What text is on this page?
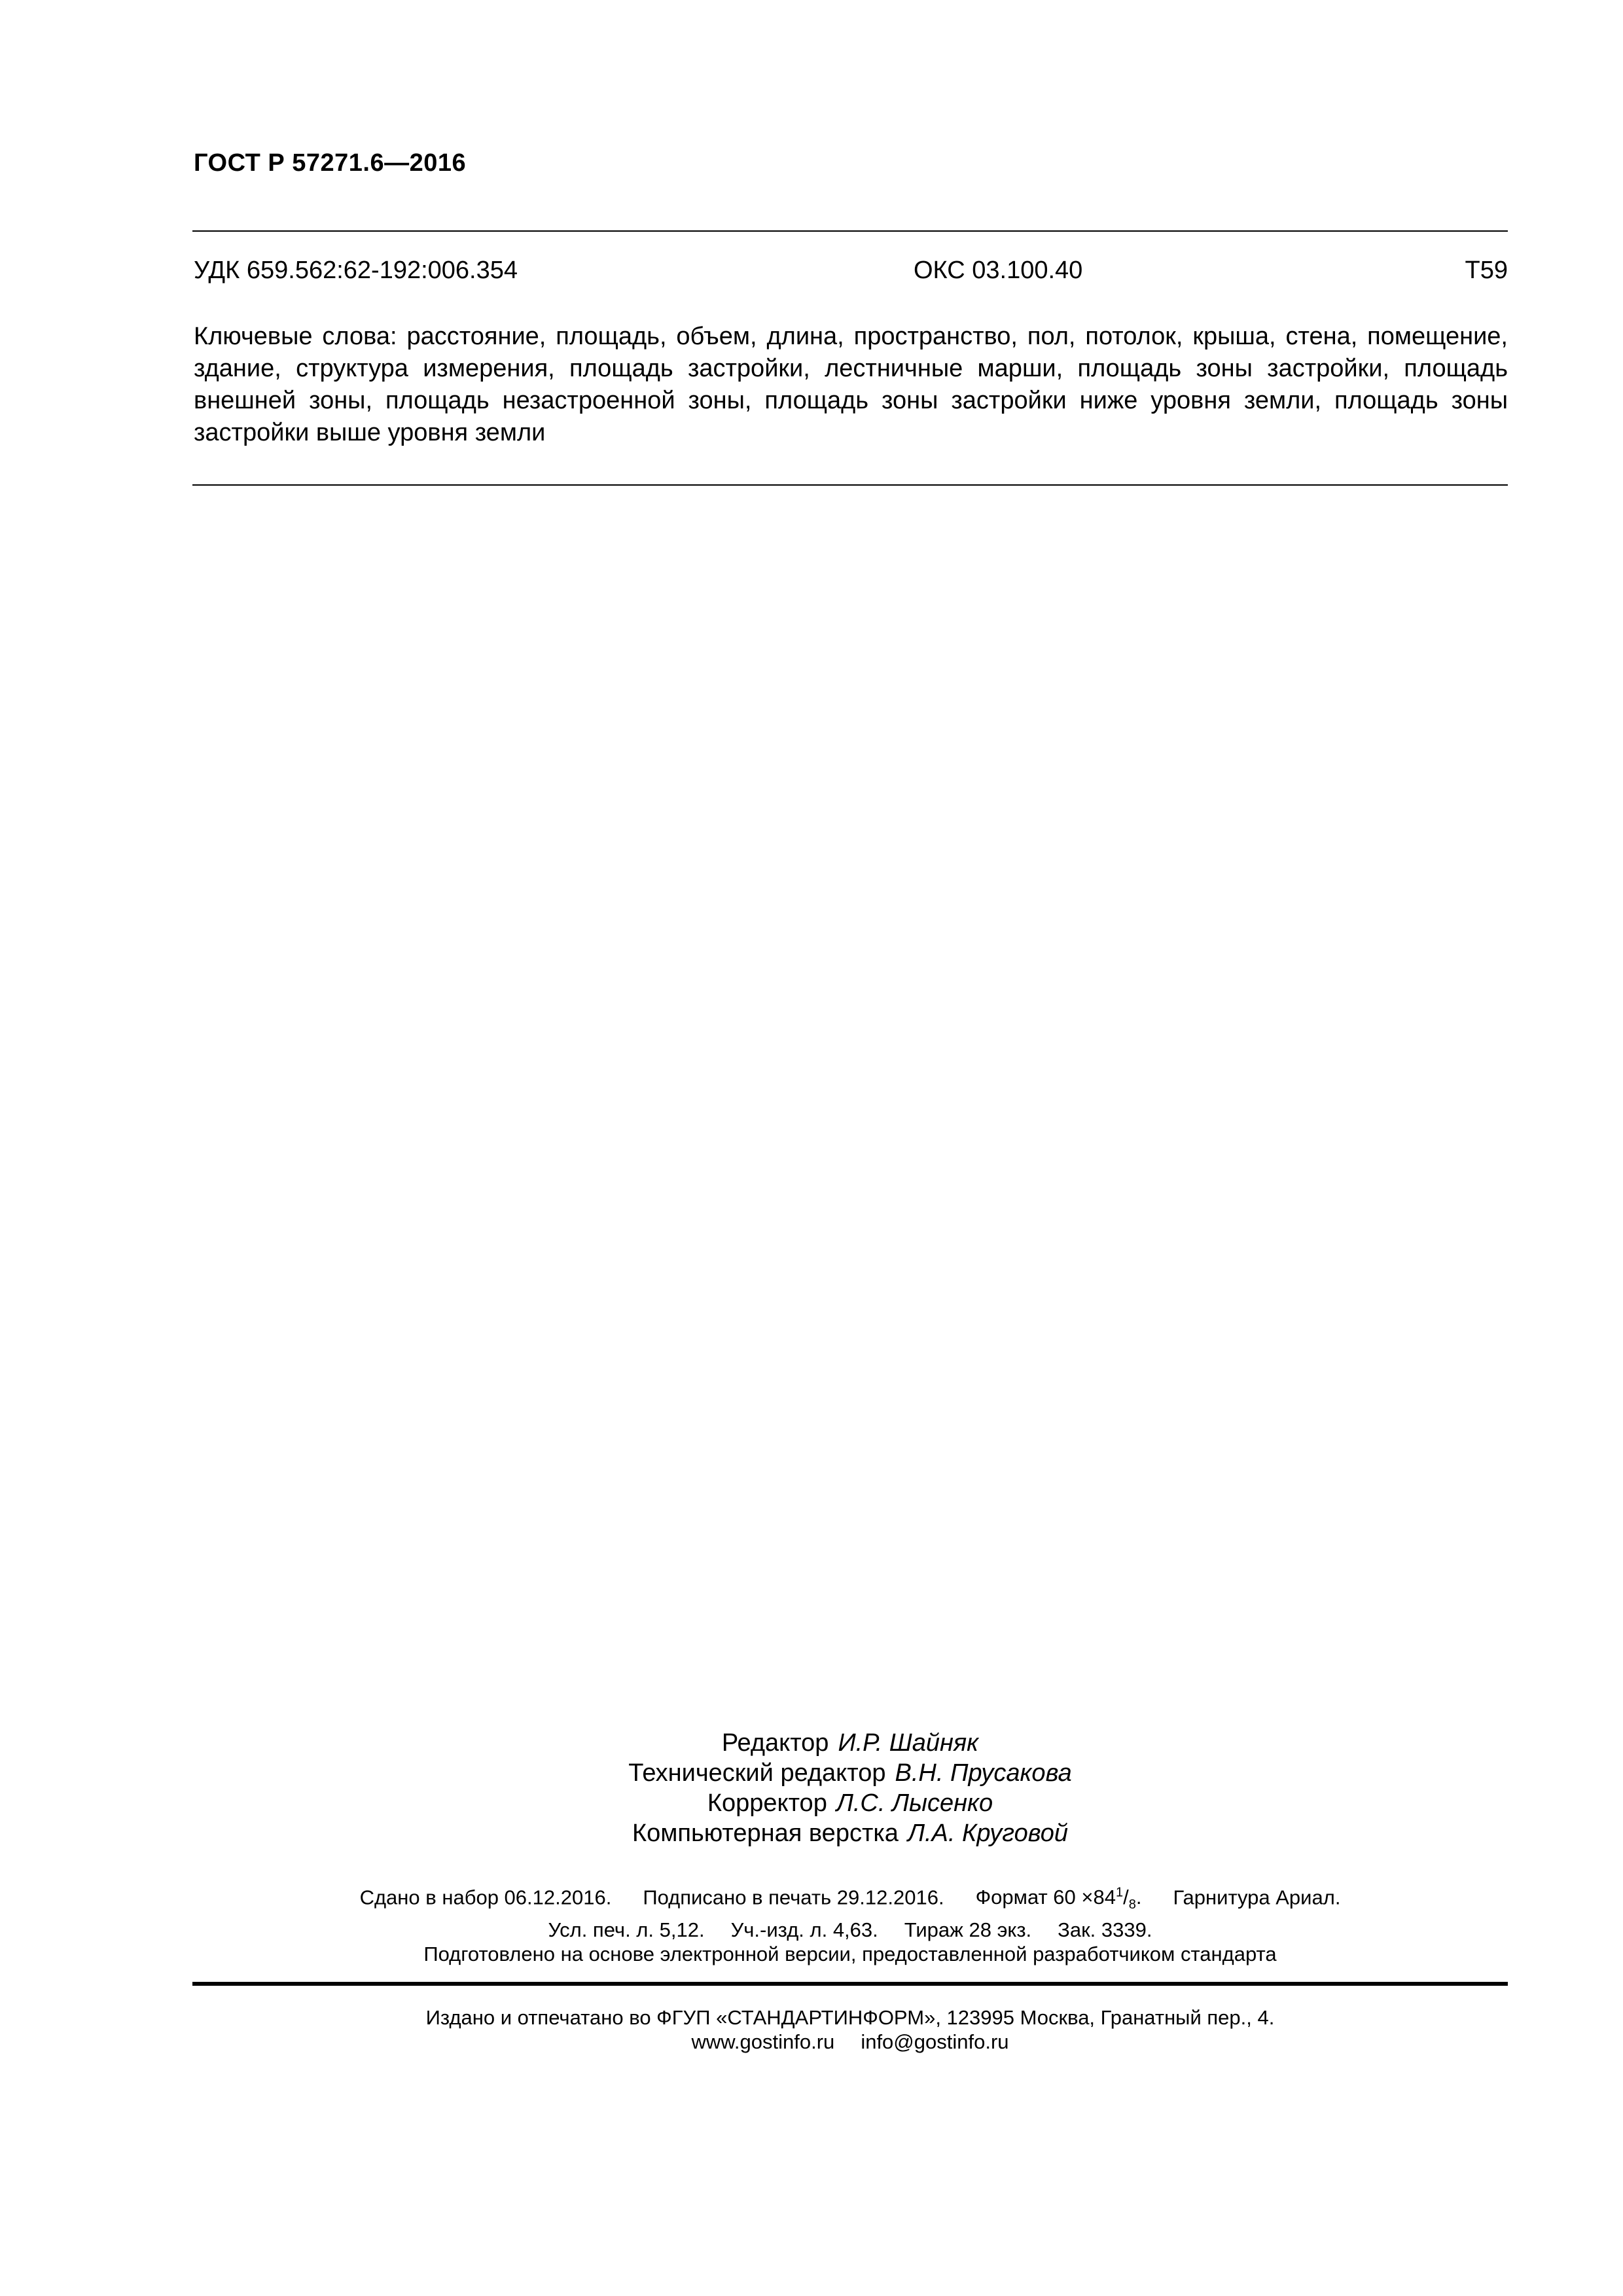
ГОСТ Р 57271.6—2016
УДК 659.562:62-192:006.354	ОКС 03.100.40	Т59
Ключевые слова: расстояние, площадь, объем, длина, пространство, пол, потолок, крыша, стена, помещение, здание, структура измерения, площадь застройки, лестничные марши, площадь зоны застройки, площадь внешней зоны, площадь незастроенной зоны, площадь зоны застройки ниже уровня земли, площадь зоны застройки выше уровня земли
Редактор И.Р. Шайняк
Технический редактор В.Н. Прусакова
Корректор Л.С. Лысенко
Компьютерная верстка Л.А. Круговой
Сдано в набор 06.12.2016. Подписано в печать 29.12.2016. Формат $60 \times 84^1/_8$. Гарнитура Ариал.
Усл. печ. л. 5,12. Уч.-изд. л. 4,63. Тираж 28 экз. Зак. 3339.
Подготовлено на основе электронной версии, предоставленной разработчиком стандарта
Издано и отпечатано во ФГУП «СТАНДАРТИНФОРМ», 123995 Москва, Гранатный пер., 4.
www.gostinfo.ru info@gostinfo.ru
